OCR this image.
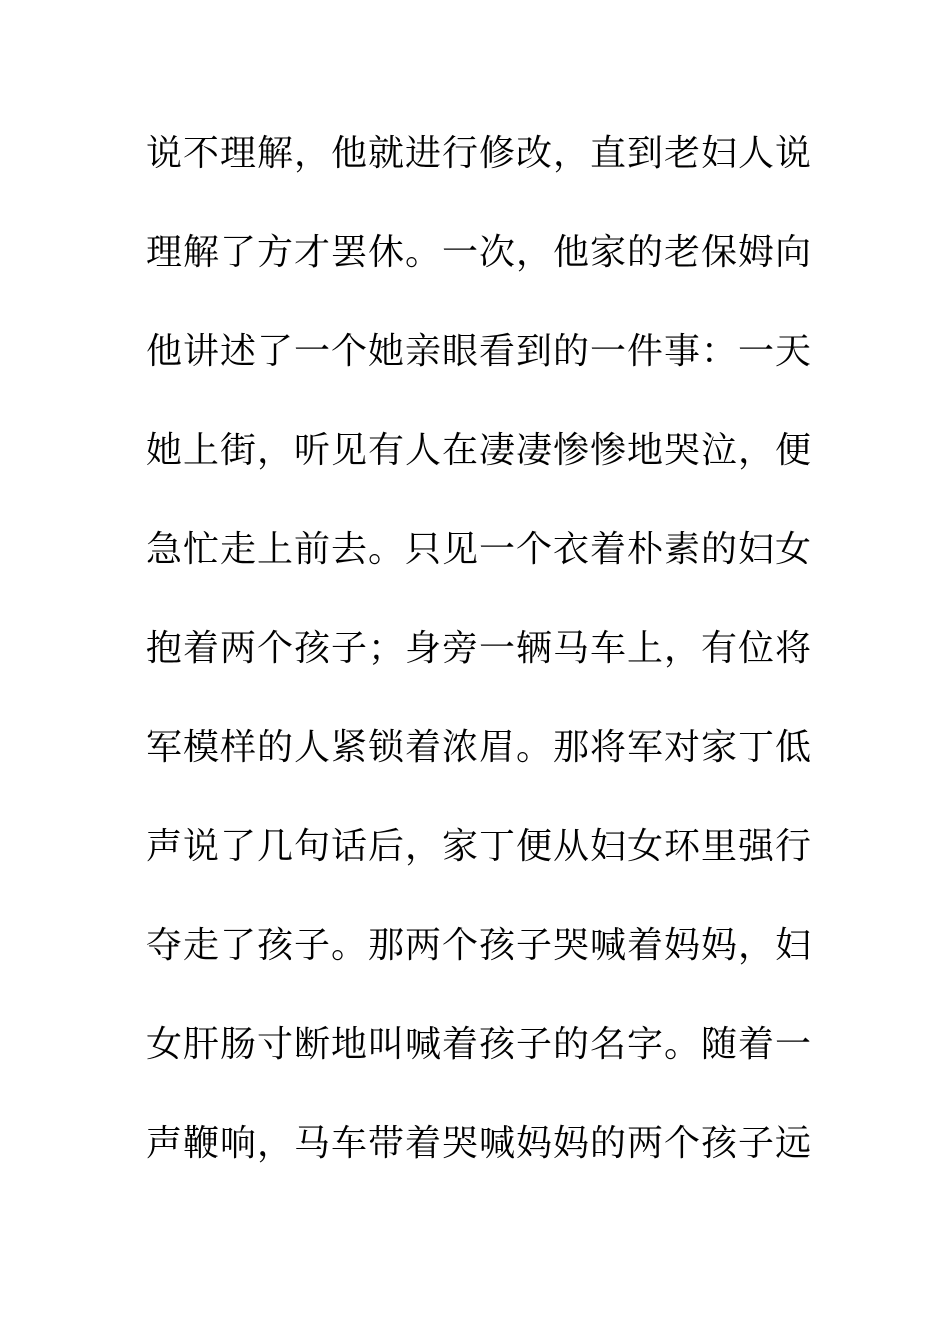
说不理解，他就进行修改，直到老妇人说
理解了方才罢休。一次，他家的老保姆向
他讲述了一个她亲眼看到的一件事：一天
她上街，听见有人在凄凄惨惨地哭泣，便
急忙走上前去。只见一个衣着朴素的妇女
抱着两个孩子；身旁一辆马车上，有位将
军模样的人紧锁着浓眉。那将军对家丁低
声说了几句话后，家丁便从妇女环里强行
夺走了孩子。那两个孩子哭喊着妈妈，妇
女肝肠寸断地叫喊着孩子的名字。随着一
声鞭响，马车带着哭喊妈妈的两个孩子远
